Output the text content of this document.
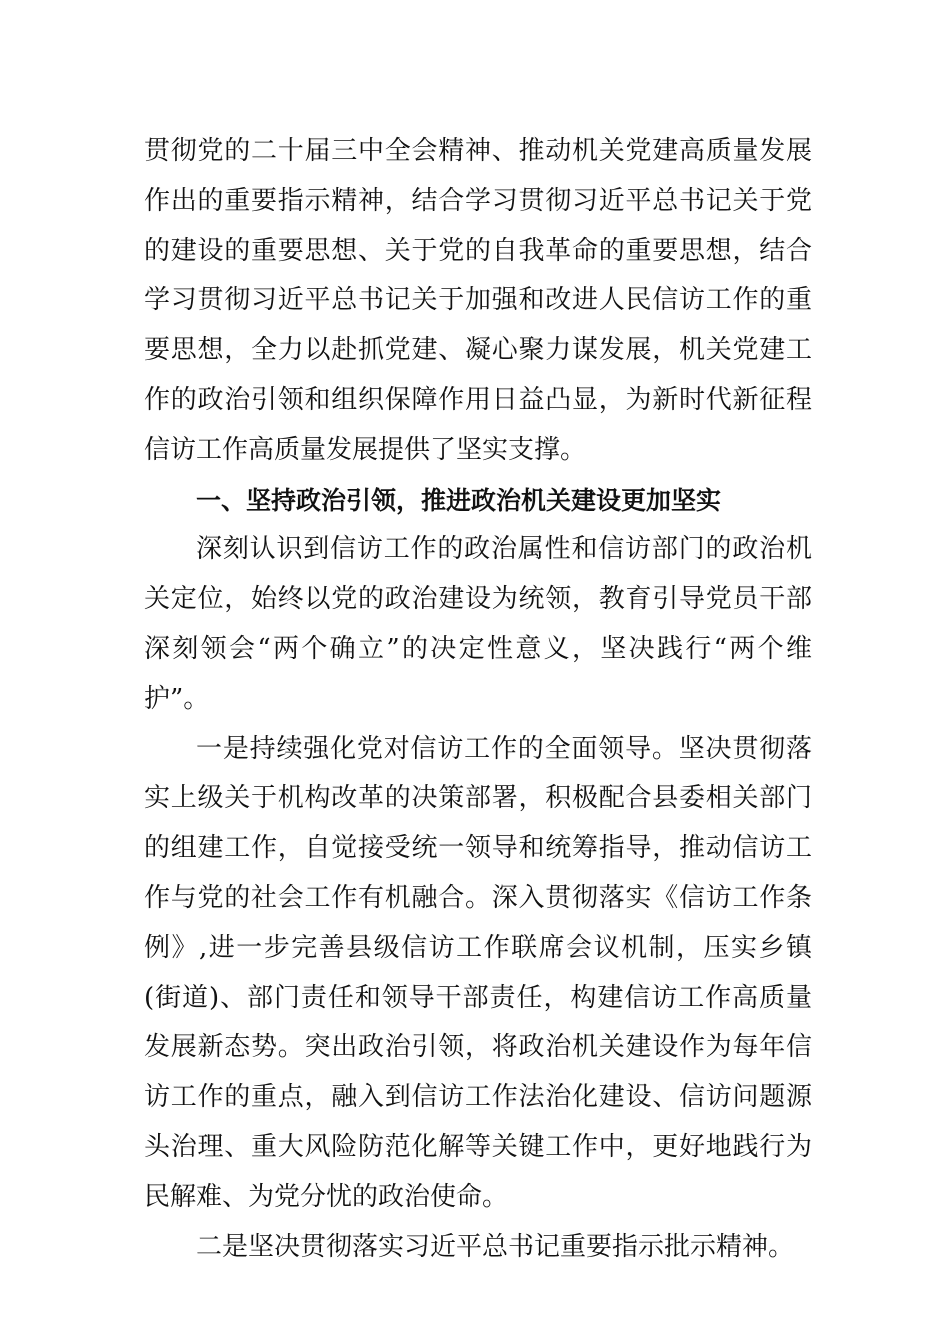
贯彻党的二十届三中全会精神、推动机关党建高质量发展作出的重要指示精神，结合学习贯彻习近平总书记关于党的建设的重要思想、关于党的自我革命的重要思想，结合学习贯彻习近平总书记关于加强和改进人民信访工作的重要思想，全力以赴抓党建、凝心聚力谋发展，机关党建工作的政治引领和组织保障作用日益凸显，为新时代新征程信访工作高质量发展提供了坚实支撑。

一、坚持政治引领，推进政治机关建设更加坚实

深刻认识到信访工作的政治属性和信访部门的政治机关定位，始终以党的政治建设为统领，教育引导党员干部深刻领会“两个确立”的决定性意义，坚决践行“两个维护”。

一是持续强化党对信访工作的全面领导。坚决贯彻落实上级关于机构改革的决策部署，积极配合县委相关部门的组建工作，自觉接受统一领导和统筹指导，推动信访工作与党的社会工作有机融合。深入贯彻落实《信访工作条例》,进一步完善县级信访工作联席会议机制，压实乡镇(街道)、部门责任和领导干部责任，构建信访工作高质量发展新态势。突出政治引领，将政治机关建设作为每年信访工作的重点，融入到信访工作法治化建设、信访问题源头治理、重大风险防范化解等关键工作中，更好地践行为民解难、为党分忧的政治使命。

二是坚决贯彻落实习近平总书记重要指示批示精神。
